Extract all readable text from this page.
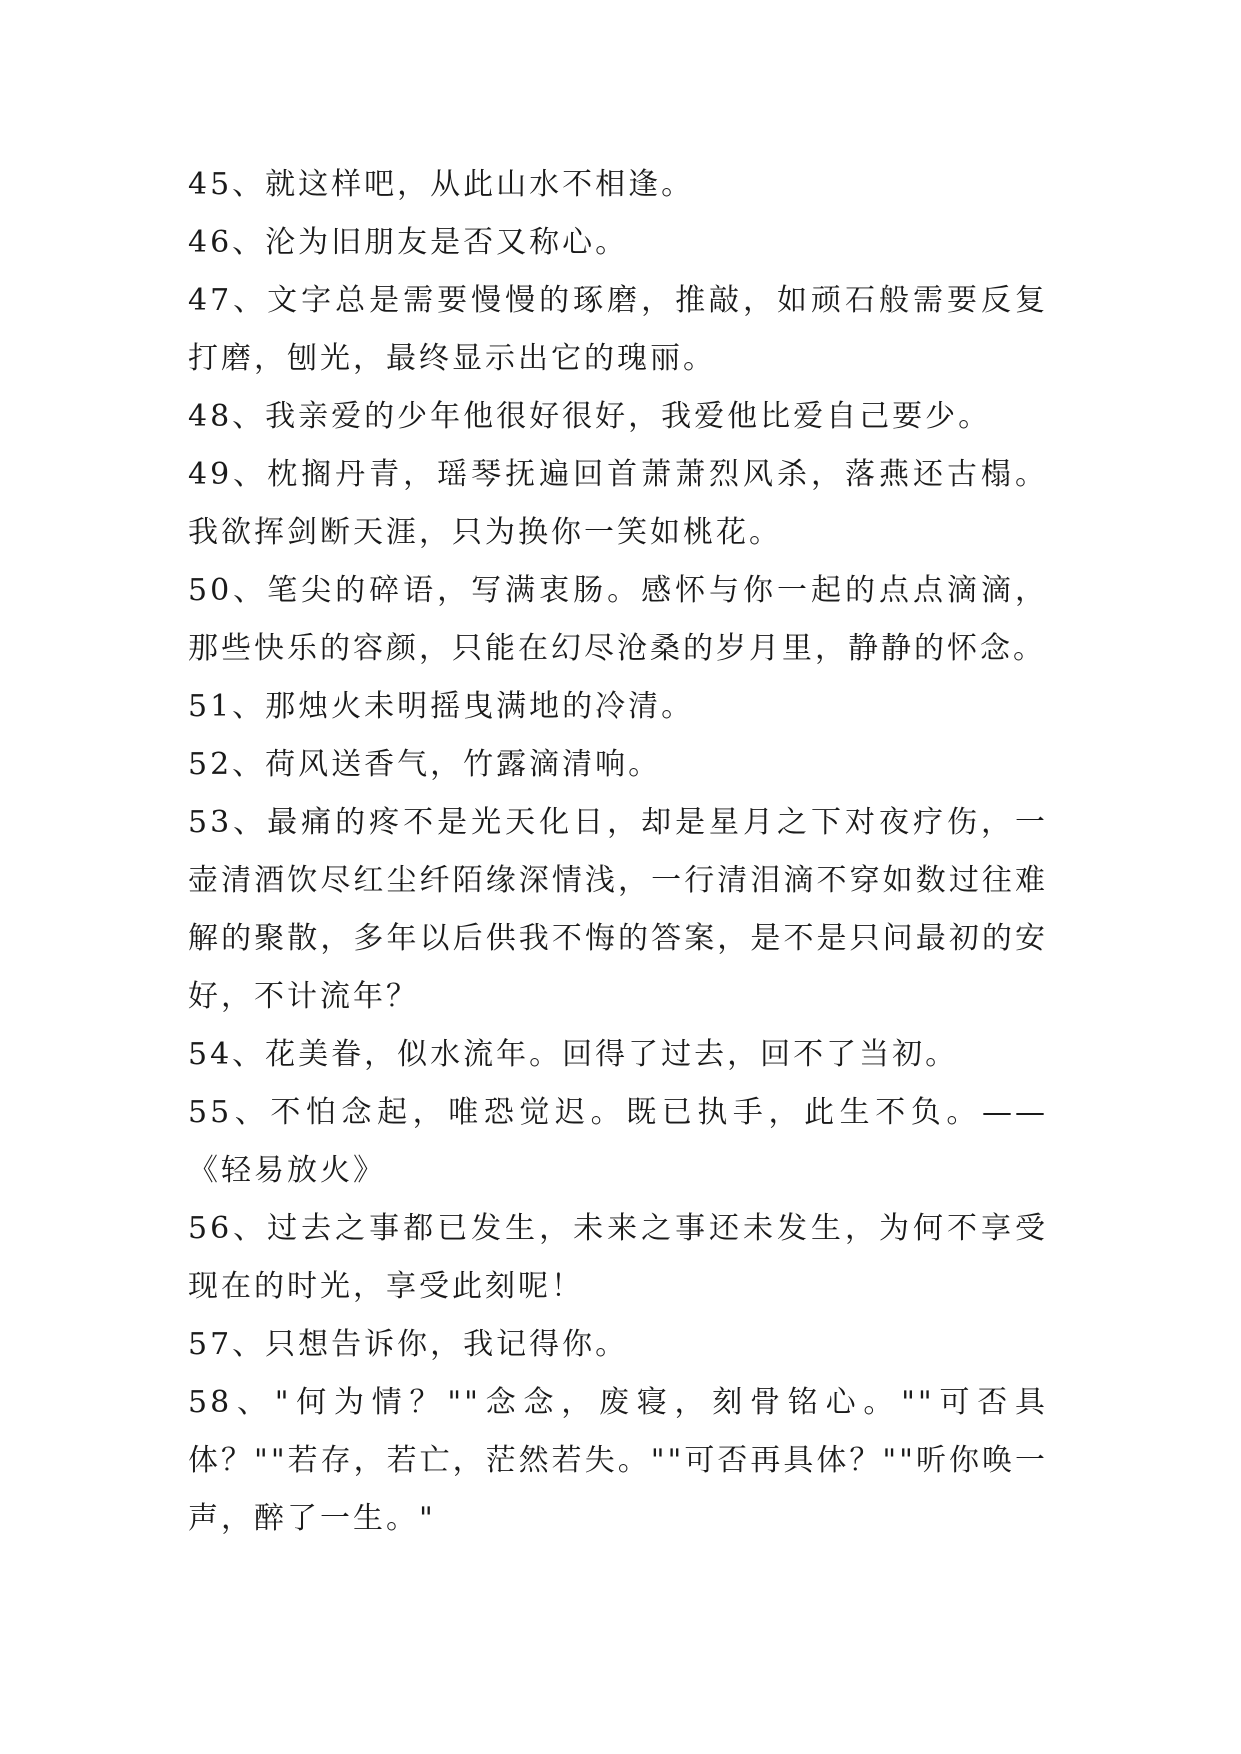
45、就这样吧，从此山水不相逢。

46、沦为旧朋友是否又称心。

47、文字总是需要慢慢的琢磨，推敲，如顽石般需要反复打磨，刨光，最终显示出它的瑰丽。

48、我亲爱的少年他很好很好，我爱他比爱自己要少。

49、枕搁丹青，瑶琴抚遍回首萧萧烈风杀，落燕还古榻。我欲挥剑断天涯，只为换你一笑如桃花。

50、笔尖的碎语，写满衷肠。感怀与你一起的点点滴滴，那些快乐的容颜，只能在幻尽沧桑的岁月里，静静的怀念。

51、那烛火未明摇曳满地的冷清。

52、荷风送香气，竹露滴清响。

53、最痛的疼不是光天化日，却是星月之下对夜疗伤，一壶清酒饮尽红尘纤陌缘深情浅，一行清泪滴不穿如数过往难解的聚散，多年以后供我不悔的答案，是不是只问最初的安好，不计流年？

54、花美眷，似水流年。回得了过去，回不了当初。

55、不怕念起，唯恐觉迟。既已执手，此生不负。——《轻易放火》

56、过去之事都已发生，未来之事还未发生，为何不享受现在的时光，享受此刻呢！

57、只想告诉你，我记得你。

58、"何为情？""念念，废寝，刻骨铭心。""可否具体？""若存，若亡，茫然若失。""可否再具体？""听你唤一声，醉了一生。"
